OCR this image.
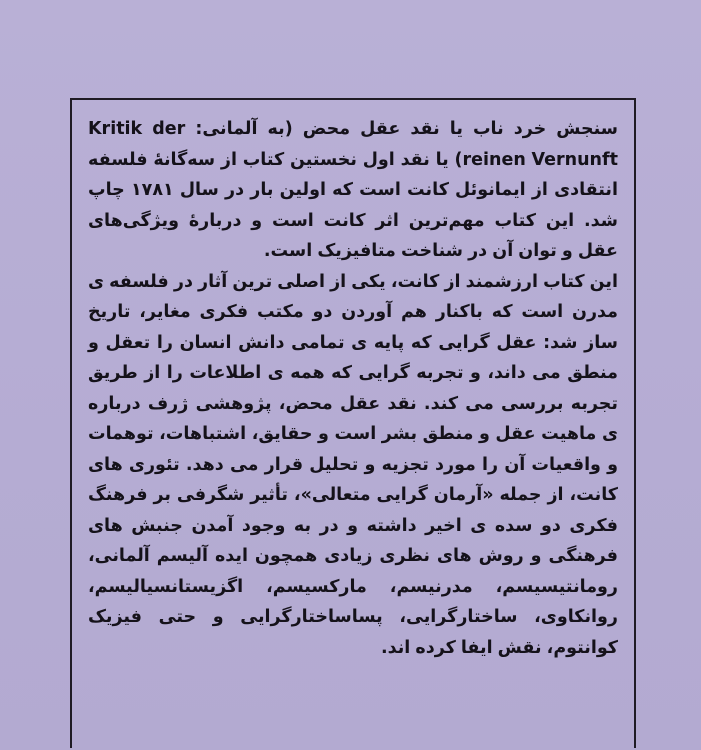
سنجش خرد ناب یا نقد عقل محض (به آلمانی: Kritik der reinen Vernunft) یا نقد اول نخستین کتاب از سه‌گانهٔ فلسفه انتقادی از ایمانوئل کانت است که اولین بار در سال ۱۷۸۱ چاپ شد. این کتاب مهم‌ترین اثر کانت است و دربارهٔ ویژگی‌های عقل و توان آن در شناخت متافیزیک است.

این کتاب ارزشمند از کانت، یکی از اصلی ترین آثار در فلسفه ی مدرن است که باکنار هم آوردن دو مکتب فکری مغایر، تاریخ ساز شد: عقل گرایی که پایه ی تمامی دانش انسان را تعقل و منطق می داند، و تجربه گرایی که همه ی اطلاعات را از طریق تجربه بررسی می کند. نقد عقل محض، پژوهشی ژرف درباره ی ماهیت عقل و منطق بشر است و حقایق، اشتباهات، توهمات و واقعیات آن را مورد تجزیه و تحلیل قرار می دهد. تئوری های کانت، از جمله «آرمان گرایی متعالی»، تأثیر شگرفی بر فرهنگ فکری دو سده ی اخیر داشته و در به وجود آمدن جنبش های فرهنگی و روش های نظری زیادی همچون ایده آلیسم آلمانی، رومانتیسیسم، مدرنیسم، مارکسیسم، اگزیستانسیالیسم، روانکاوی، ساختارگرایی، پساساختارگرایی و حتی فیزیک کوانتوم، نقش ایفا کرده اند.
